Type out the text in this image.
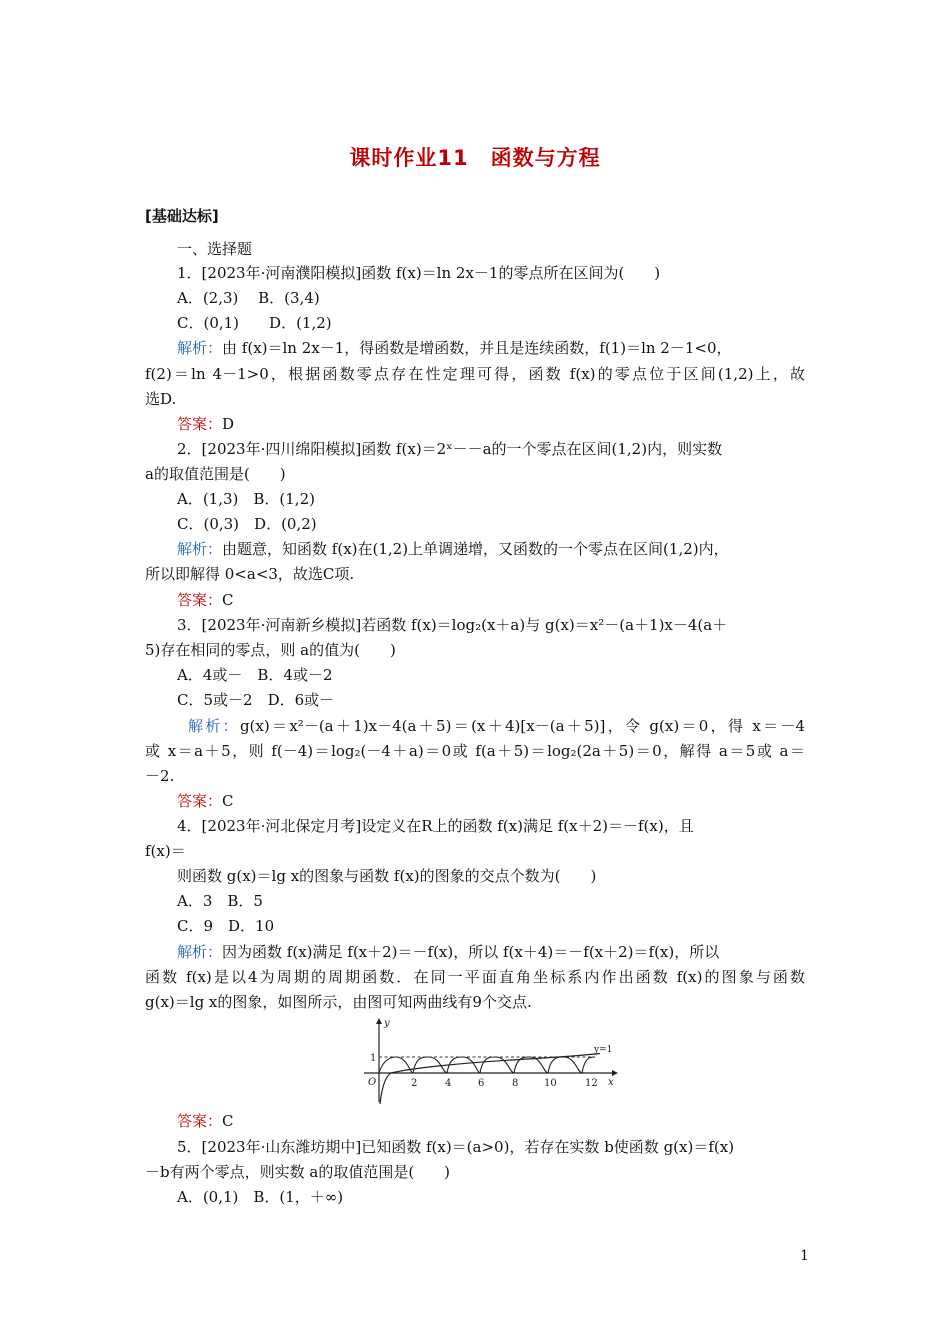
课时作业11　函数与方程
[基础达标]
一、选择题
1．[2023年·河南濮阳模拟]函数 f(x)＝ln 2x－1的零点所在区间为(　　)
A．(2,3)　 B．(3,4)
C．(0,1)　　D．(1,2)
解析：由 f(x)＝ln 2x－1，得函数是增函数，并且是连续函数，f(1)＝ln 2－1<0，
f(2)＝ln 4－1>0，根据函数零点存在性定理可得，函数 f(x)的零点位于区间(1,2)上，故
选D.
答案：D
2．[2023年·四川绵阳模拟]函数 f(x)＝2ˣ－－a的一个零点在区间(1,2)内，则实数
a的取值范围是(　　)
A．(1,3)　B．(1,2)
C．(0,3)　D．(0,2)
解析：由题意，知函数 f(x)在(1,2)上单调递增，又函数的一个零点在区间(1,2)内，
所以即解得 0<a<3，故选C项.
答案：C
3．[2023年·河南新乡模拟]若函数 f(x)＝log₂(x＋a)与 g(x)＝x²－(a＋1)x－4(a＋
5)存在相同的零点，则 a的值为(　　)
A．4或－　B．4或－2
C．5或－2　D．6或－
解析：g(x)＝x²－(a＋1)x－4(a＋5)＝(x＋4)[x－(a＋5)]，令 g(x)＝0，得 x＝－4
或 x＝a＋5，则 f(－4)＝log₂(－4＋a)＝0或 f(a＋5)＝log₂(2a＋5)＝0，解得 a＝5或 a＝
－2.
答案：C
4．[2023年·河北保定月考]设定义在R上的函数 f(x)满足 f(x＋2)＝－f(x)，且
f(x)＝
则函数 g(x)＝lg x的图象与函数 f(x)的图象的交点个数为(　　)
A．3　B．5
C．9　D．10
解析：因为函数 f(x)满足 f(x＋2)＝－f(x)，所以 f(x＋4)＝－f(x＋2)＝f(x)，所以
函数 f(x)是以4为周期的周期函数．在同一平面直角坐标系内作出函数 f(x)的图象与函数
g(x)＝lg x的图象，如图所示，由图可知两曲线有9个交点.
y
1
O
y=1
x
2	4	6	8	10	12
答案：C
5．[2023年·山东潍坊期中]已知函数 f(x)＝(a>0)，若存在实数 b使函数 g(x)＝f(x)
－b有两个零点，则实数 a的取值范围是(　　)
A．(0,1)　B．(1，＋∞)
1
